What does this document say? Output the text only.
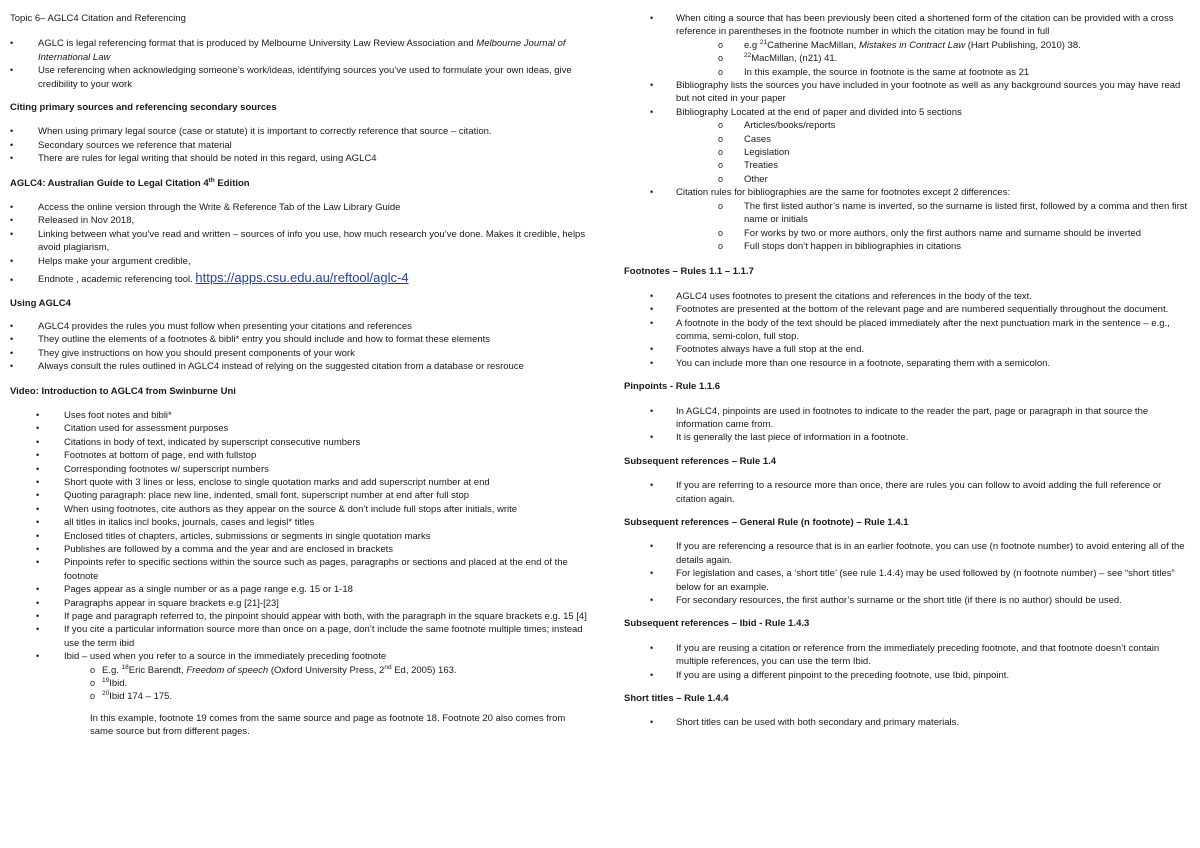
Topic 6– AGLC4 Citation and Referencing
•	AGLC is legal referencing format that is produced by Melbourne University Law Review Association and Melbourne Journal of International Law
•	Use referencing when acknowledging someone’s work/ideas, identifying sources you’ve used to formulate your own ideas, give credibility to your work
Citing primary sources and referencing secondary sources
•	When using primary legal source (case or statute) it is important to correctly reference that source – citation.
•	Secondary sources we reference that material
•	There are rules for legal writing that should be noted in this regard, using AGLC4
AGLC4: Australian Guide to Legal Citation 4th Edition
•	Access the online version through the Write & Reference Tab of the Law Library Guide
•	Released in Nov 2018,
•	Linking between what you’ve read and written – sources of info you use, how much research you’ve done. Makes it credible, helps avoid plagiarism,
•	Helps make your argument credible,
•	Endnote , academic referencing tool. https://apps.csu.edu.au/reftool/aglc-4
Using AGLC4
•	AGLC4 provides the rules you must follow when presenting your citations and references
•	They outline the elements of a footnotes & bibli* entry you should include and how to format these elements
•	They give instructions on how you should present components of your work
•	Always consult the rules outlined in AGLC4 instead of relying on the suggested citation from a database or resrouce
Video: Introduction to AGLC4 from Swinburne Uni
•	Uses foot notes and bibli*
•	Citation used for assessment purposes
•	Citations in body of text, indicated by superscript consecutive numbers
•	Footnotes at bottom of page, end with fullstop
•	Corresponding footnotes w/ superscript numbers
•	Short quote with 3 lines or less, enclose to single quotation marks and add superscript number at end
•	Quoting paragraph: place new line, indented, small font, superscript number at end after full stop
•	When using footnotes, cite authors as they appear on the source & don’t include full stops after initials, write
•	all titles in italics incl books, journals, cases and legisl* titles
•	Enclosed titles of chapters, articles, submissions or segments in single quotation marks
•	Publishes are followed by a comma and the year and are enclosed in brackets
•	Pinpoints refer to specific sections within the source such as pages, paragraphs or sections and placed at the end of the footnote
•	Pages appear as a single number or as a page range e.g. 15 or 1-18
•	Paragraphs appear in square brackets e.g [21]-[23]
•	If page and paragraph referred to, the pinpoint should appear with both, with the paragraph in the square brackets e.g. 15 [4]
•	If you cite a particular information source more than once on a page, don’t include the same footnote multiple times; instead use the term ibid
•	Ibid – used when you refer to a source in the immediately preceding footnote
o E.g. $^{18}$Eric Barendt, Freedom of speech (Oxford University Press, 2nd Ed, 2005) 163.
o $^{19}$Ibid.
o $^{20}$Ibid 174 – 175.

In this example, footnote 19 comes from the same source and page as footnote 18. Footnote 20 also comes from same source but from different pages.

• When citing a source that has been previously been cited a shortened form of the citation can be provided with a cross reference in parentheses in the footnote number in which the citation may be found in full
o e.g $^{21}$Catherine MacMillan, Mistakes in Contract Law (Hart Publishing, 2010) 38.
o	$^{22}$MacMillan, (n21) 41.
o In this example, the source in footnote is the same at footnote as 21
• Bibliography lists the sources you have included in your footnote as well as any background sources you may have read but not cited in your paper
• Bibliography Located at the end of paper and divided into 5 sections
o Articles/books/reports
o Cases
o Legislation
o Treaties
o Other
• Citation rules for bibliographies are the same for footnotes except 2 differences:
o The first listed author’s name is inverted, so the surname is listed first, followed by a comma and then first name or initials
o For works by two or more authors, only the first authors name and surname should be inverted
o Full stops don’t happen in bibliographies in citations
Footnotes – Rules 1.1 – 1.1.7
• AGLC4 uses footnotes to present the citations and references in the body of the text.
• Footnotes are presented at the bottom of the relevant page and are numbered sequentially throughout the document.
• A footnote in the body of the text should be placed immediately after the next punctuation mark in the sentence – e.g., comma, semi-colon, full stop.
• Footnotes always have a full stop at the end.
• You can include more than one resource in a footnote, separating them with a semicolon.
Pinpoints - Rule 1.1.6
• In AGLC4, pinpoints are used in footnotes to indicate to the reader the part, page or paragraph in that source the information came from.
• It is generally the last piece of information in a footnote.
Subsequent references – Rule 1.4
• If you are referring to a resource more than once, there are rules you can follow to avoid adding the full reference or citation again.
Subsequent references – General Rule (n footnote) – Rule 1.4.1
• If you are referencing a resource that is in an earlier footnote, you can use (n footnote number) to avoid entering all of the details again.
• For legislation and cases, a ‘short title’ (see rule 1.4.4) may be used followed by (n footnote number) – see “short titles” below for an example.
• For secondary resources, the first author’s surname or the short title (if there is no author) should be used.
Subsequent references – Ibid - Rule 1.4.3
• If you are reusing a citation or reference from the immediately preceding footnote, and that footnote doesn’t contain multiple references, you can use the term Ibid.
• If you are using a different pinpoint to the preceding footnote, use Ibid, pinpoint.
Short titles – Rule 1.4.4
• Short titles can be used with both secondary and primary materials.
